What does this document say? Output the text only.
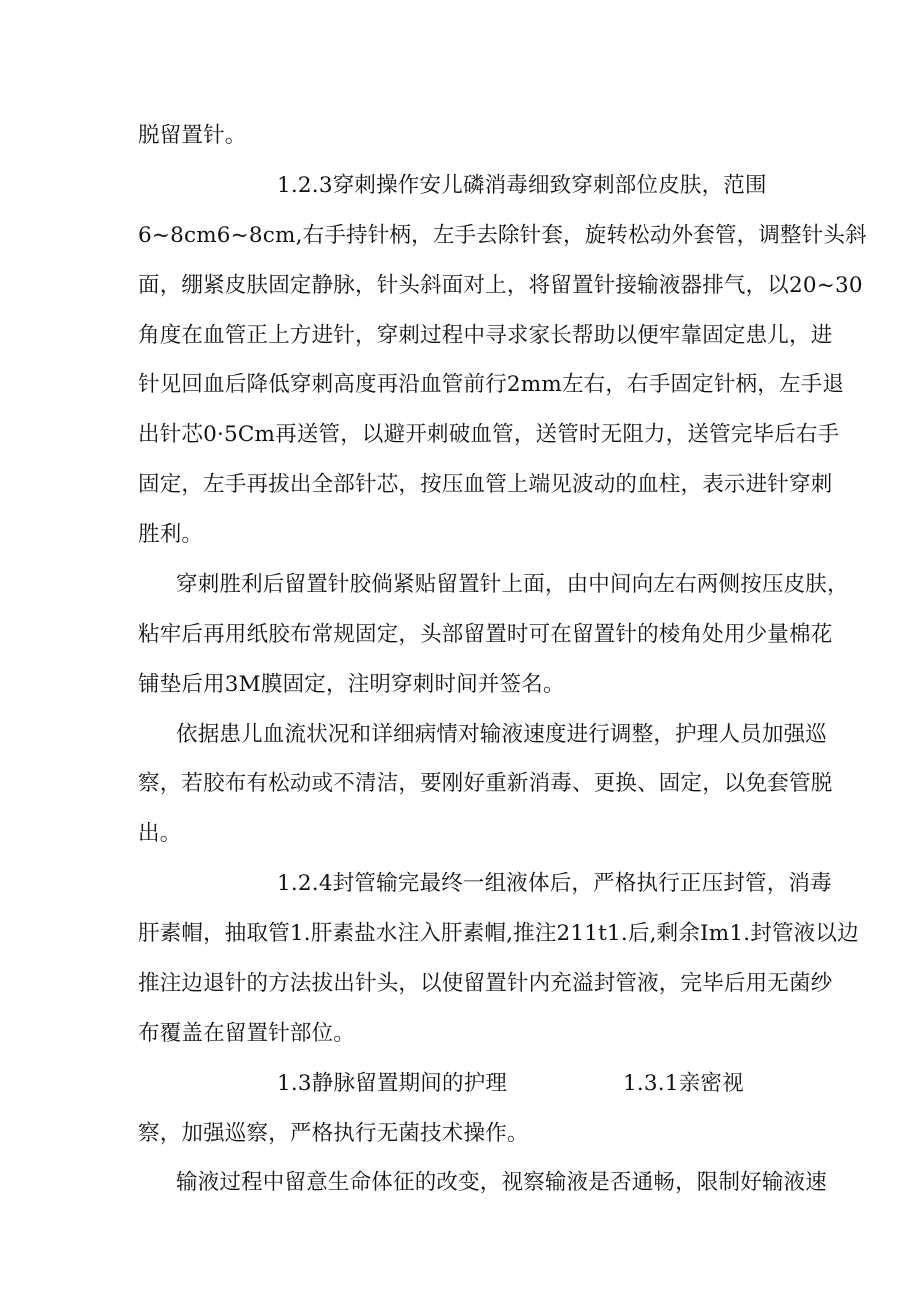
脱留置针。
1.2.3穿刺操作安儿磷消毒细致穿刺部位皮肤，范围
6~8cm6~8cm,右手持针柄，左手去除针套，旋转松动外套管，调整针头斜
面，绷紧皮肤固定静脉，针头斜面对上，将留置针接输液器排气，以20~30
角度在血管正上方进针，穿刺过程中寻求家长帮助以便牢靠固定患儿，进
针见回血后降低穿刺高度再沿血管前行2mm左右，右手固定针柄，左手退
出针芯0·5Cm再送管，以避开刺破血管，送管时无阻力，送管完毕后右手
固定，左手再拔出全部针芯，按压血管上端见波动的血柱，表示进针穿刺
胜利。
穿刺胜利后留置针胶倘紧贴留置针上面，由中间向左右两侧按压皮肤，
粘牢后再用纸胶布常规固定，头部留置时可在留置针的棱角处用少量棉花
铺垫后用3M膜固定，注明穿刺时间并签名。
依据患儿血流状况和详细病情对输液速度进行调整，护理人员加强巡
察，若胶布有松动或不清洁，要刚好重新消毒、更换、固定，以免套管脱
出。
1.2.4封管输完最终一组液体后，严格执行正压封管，消毒
肝素帽，抽取管1.肝素盐水注入肝素帽,推注211t1.后,剩余Im1.封管液以边
推注边退针的方法拔出针头，以使留置针内充溢封管液，完毕后用无菌纱
布覆盖在留置针部位。
1.3静脉留置期间的护理	1.3.1亲密视
察，加强巡察，严格执行无菌技术操作。
输液过程中留意生命体征的改变，视察输液是否通畅，限制好输液速
